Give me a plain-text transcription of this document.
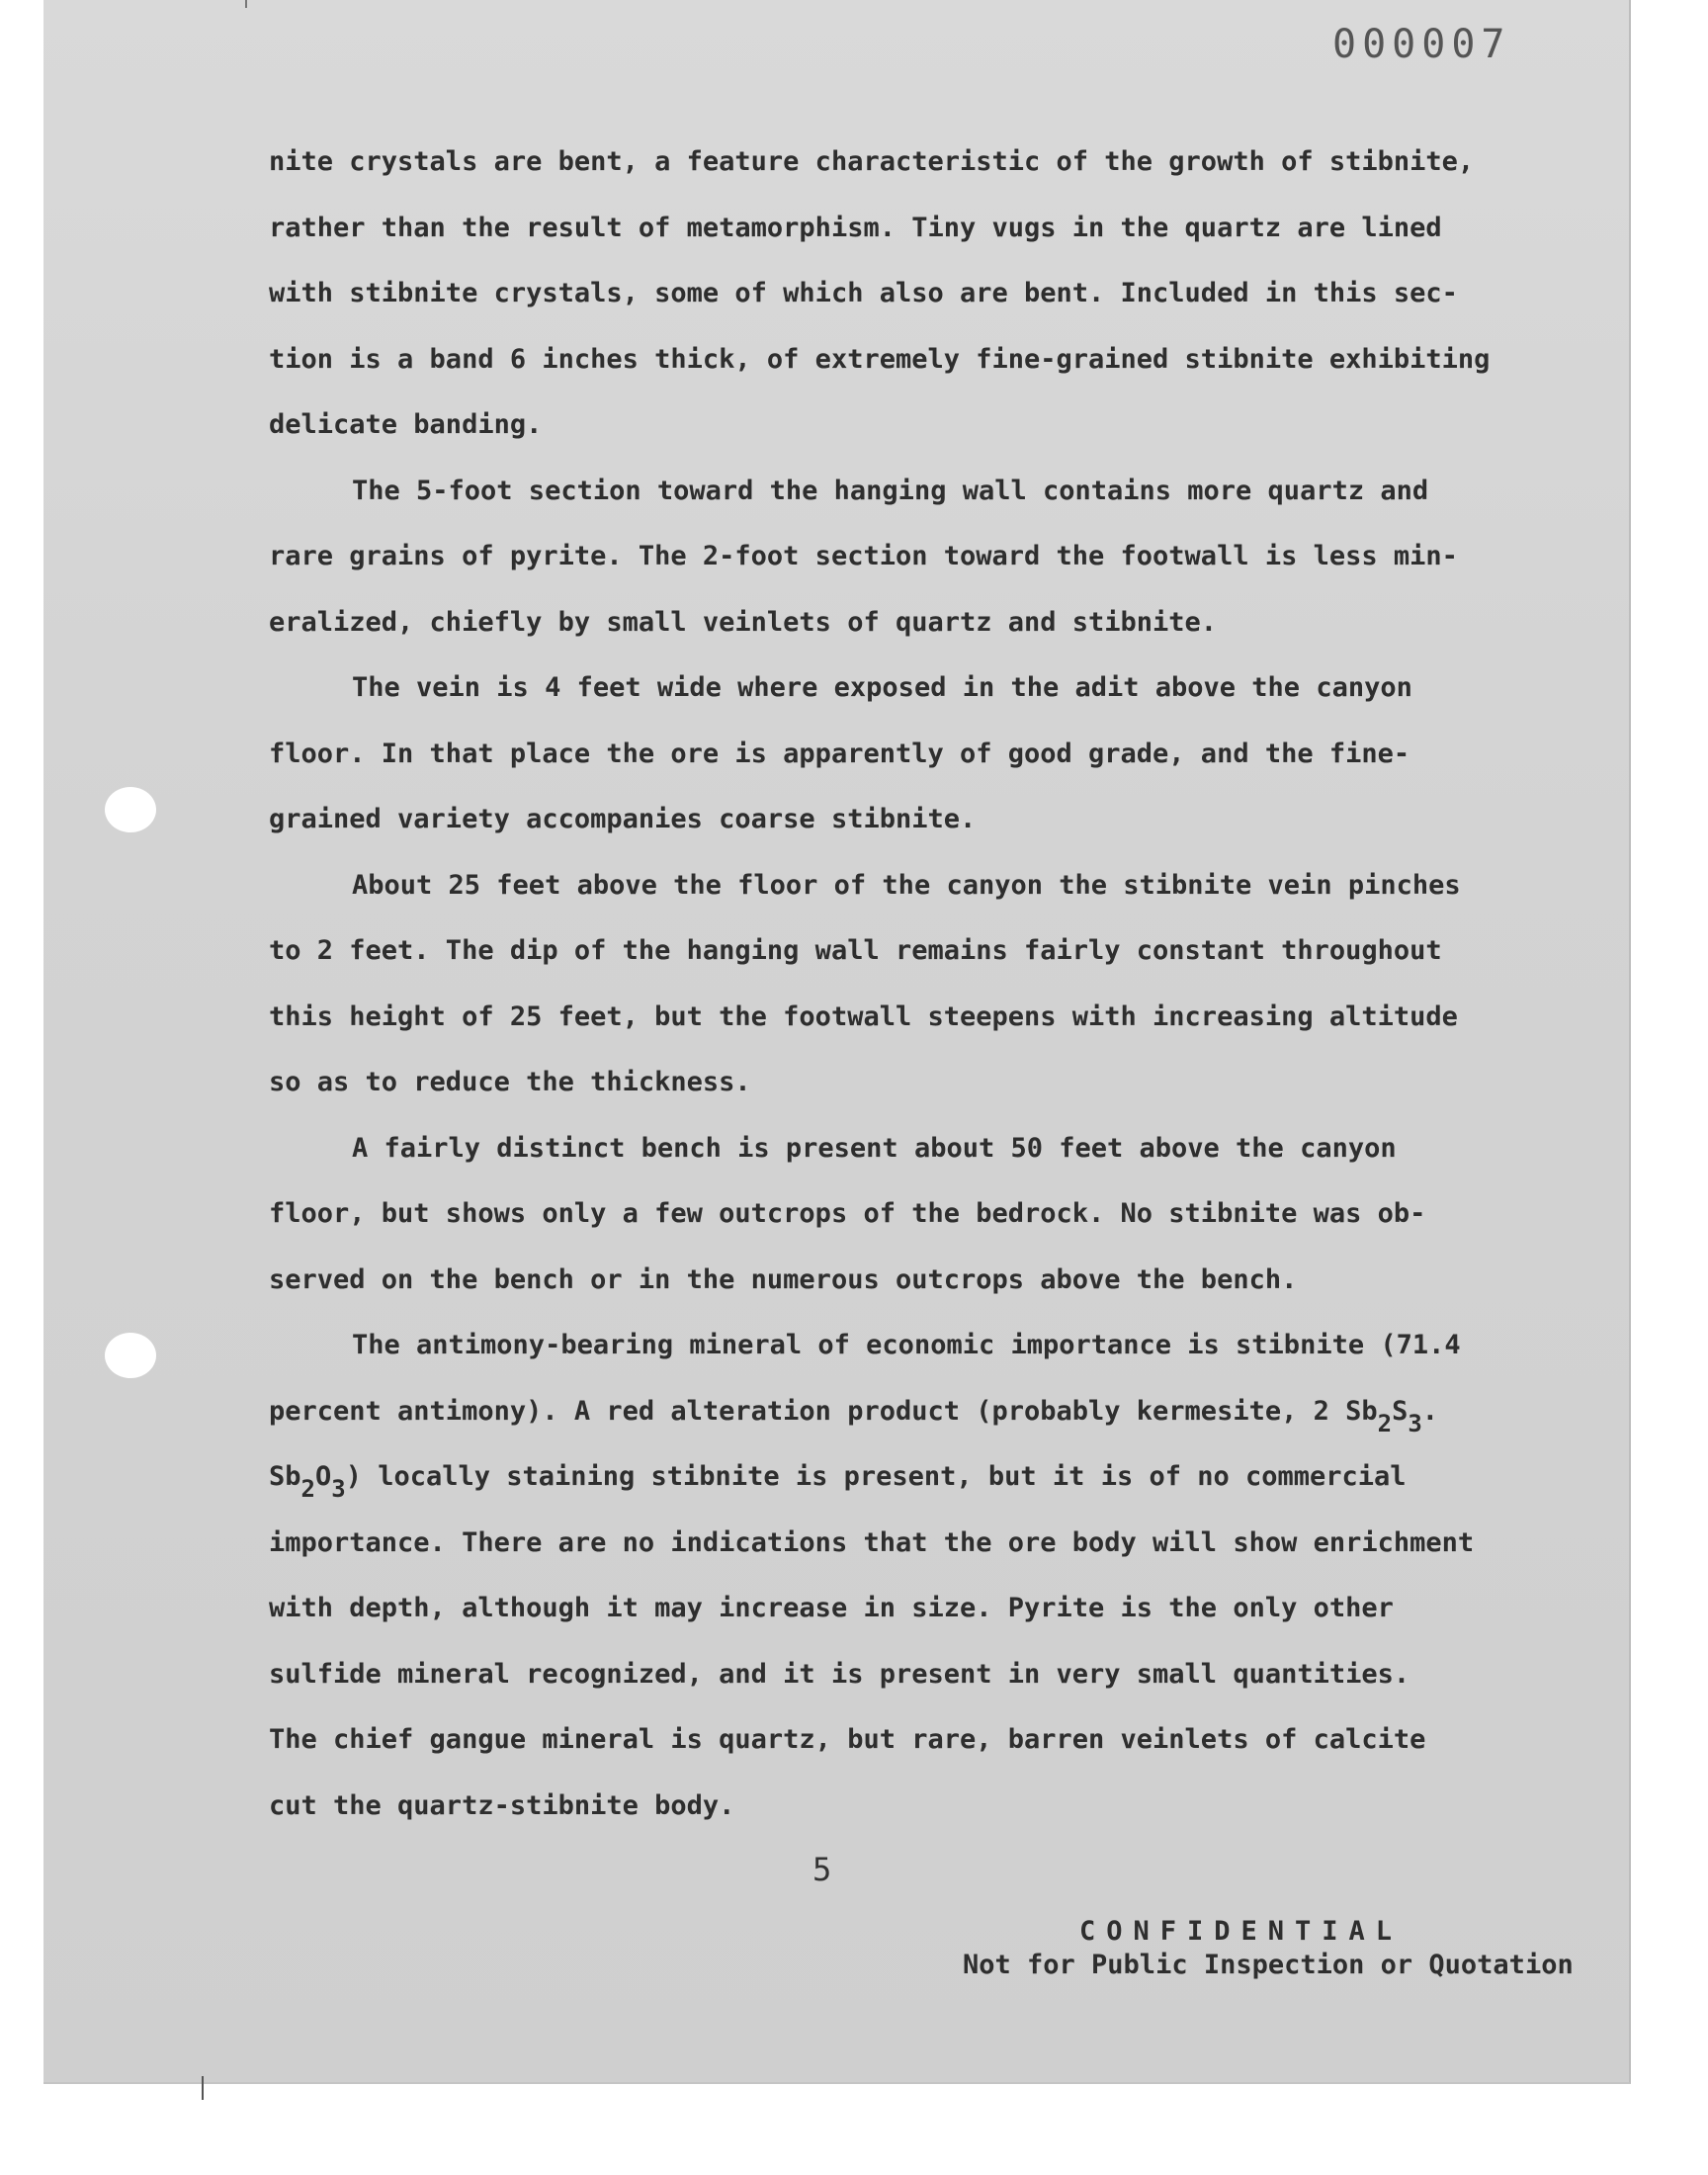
000007
nite crystals are bent, a feature characteristic of the growth of stibnite,
rather than the result of metamorphism. Tiny vugs in the quartz are lined
with stibnite crystals, some of which also are bent. Included in this sec-
tion is a band 6 inches thick, of extremely fine-grained stibnite exhibiting
delicate banding.
The 5-foot section toward the hanging wall contains more quartz and
rare grains of pyrite. The 2-foot section toward the footwall is less min-
eralized, chiefly by small veinlets of quartz and stibnite.
The vein is 4 feet wide where exposed in the adit above the canyon
floor. In that place the ore is apparently of good grade, and the fine-
grained variety accompanies coarse stibnite.
About 25 feet above the floor of the canyon the stibnite vein pinches
to 2 feet. The dip of the hanging wall remains fairly constant throughout
this height of 25 feet, but the footwall steepens with increasing altitude
so as to reduce the thickness.
A fairly distinct bench is present about 50 feet above the canyon
floor, but shows only a few outcrops of the bedrock. No stibnite was ob-
served on the bench or in the numerous outcrops above the bench.
The antimony-bearing mineral of economic importance is stibnite (71.4
percent antimony). A red alteration product (probably kermesite, 2 Sb2S3.
Sb2O3) locally staining stibnite is present, but it is of no commercial
importance. There are no indications that the ore body will show enrichment
with depth, although it may increase in size. Pyrite is the only other
sulfide mineral recognized, and it is present in very small quantities.
The chief gangue mineral is quartz, but rare, barren veinlets of calcite
cut the quartz-stibnite body.
5
CONFIDENTIAL
Not for Public Inspection or Quotation
